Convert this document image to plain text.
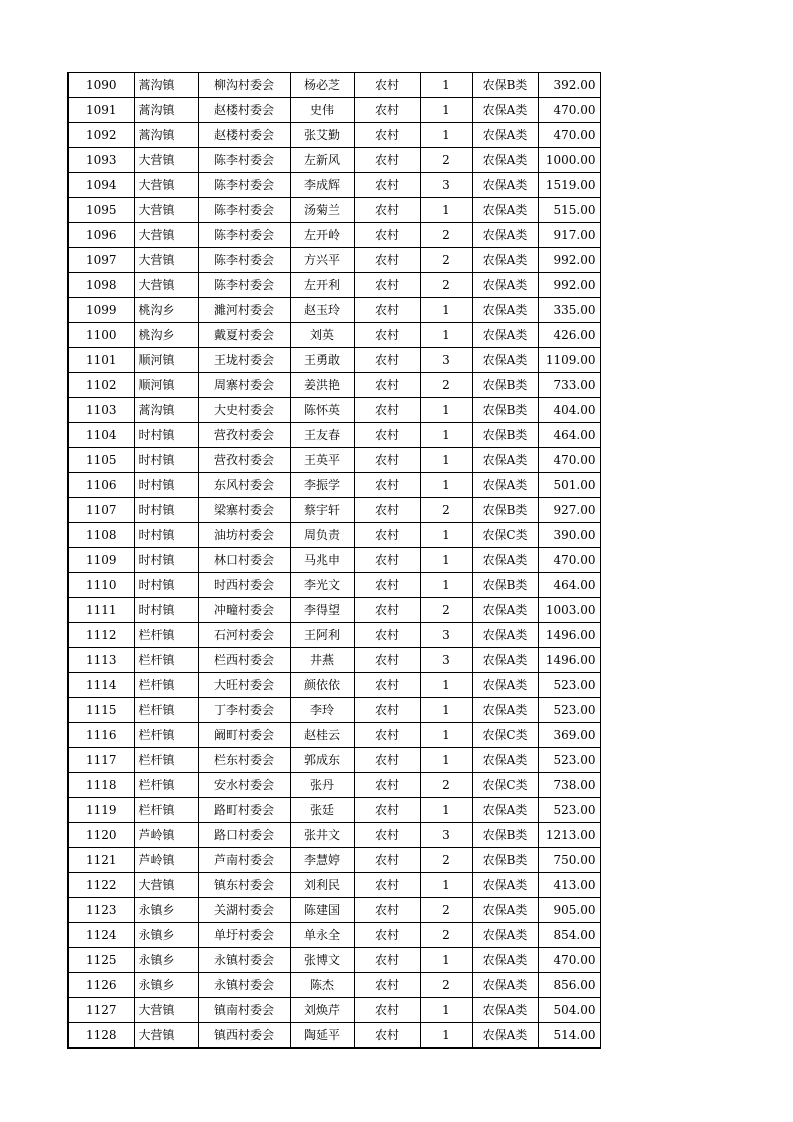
1090	蒿沟镇	柳沟村委会	杨必芝	农村	1	农保B类	392.00
1091	蒿沟镇	赵楼村委会	史伟	农村	1	农保A类	470.00
1092	蒿沟镇	赵楼村委会	张艾勤	农村	1	农保A类	470.00
1093	大营镇	陈李村委会	左新风	农村	2	农保A类	1000.00
1094	大营镇	陈李村委会	李成辉	农村	3	农保A类	1519.00
1095	大营镇	陈李村委会	汤菊兰	农村	1	农保A类	515.00
1096	大营镇	陈李村委会	左开岭	农村	2	农保A类	917.00
1097	大营镇	陈李村委会	方兴平	农村	2	农保A类	992.00
1098	大营镇	陈李村委会	左开利	农村	2	农保A类	992.00
1099	桃沟乡	濉河村委会	赵玉玲	农村	1	农保A类	335.00
1100	桃沟乡	戴夏村委会	刘英	农村	1	农保A类	426.00
1101	顺河镇	王垅村委会	王勇敢	农村	3	农保A类	1109.00
1102	顺河镇	周寨村委会	姜洪艳	农村	2	农保B类	733.00
1103	蒿沟镇	大史村委会	陈怀英	农村	1	农保B类	404.00
1104	时村镇	营孜村委会	王友春	农村	1	农保B类	464.00
1105	时村镇	营孜村委会	王英平	农村	1	农保A类	470.00
1106	时村镇	东风村委会	李振学	农村	1	农保A类	501.00
1107	时村镇	梁寨村委会	蔡宇轩	农村	2	农保B类	927.00
1108	时村镇	油坊村委会	周负责	农村	1	农保C类	390.00
1109	时村镇	林口村委会	马兆申	农村	1	农保A类	470.00
1110	时村镇	时西村委会	李光文	农村	1	农保B类	464.00
1111	时村镇	冲疃村委会	李得望	农村	2	农保A类	1003.00
1112	栏杆镇	石河村委会	王阿利	农村	3	农保A类	1496.00
1113	栏杆镇	栏西村委会	井燕	农村	3	农保A类	1496.00
1114	栏杆镇	大旺村委会	颜依依	农村	1	农保A类	523.00
1115	栏杆镇	丁李村委会	李玲	农村	1	农保A类	523.00
1116	栏杆镇	阚町村委会	赵桂云	农村	1	农保C类	369.00
1117	栏杆镇	栏东村委会	郭成东	农村	1	农保A类	523.00
1118	栏杆镇	安水村委会	张丹	农村	2	农保C类	738.00
1119	栏杆镇	路町村委会	张廷	农村	1	农保A类	523.00
1120	芦岭镇	路口村委会	张井文	农村	3	农保B类	1213.00
1121	芦岭镇	芦南村委会	李慧婷	农村	2	农保B类	750.00
1122	大营镇	镇东村委会	刘利民	农村	1	农保A类	413.00
1123	永镇乡	关湖村委会	陈建国	农村	2	农保A类	905.00
1124	永镇乡	单圩村委会	单永全	农村	2	农保A类	854.00
1125	永镇乡	永镇村委会	张博文	农村	1	农保A类	470.00
1126	永镇乡	永镇村委会	陈杰	农村	2	农保A类	856.00
1127	大营镇	镇南村委会	刘焕芹	农村	1	农保A类	504.00
1128	大营镇	镇西村委会	陶延平	农村	1	农保A类	514.00
